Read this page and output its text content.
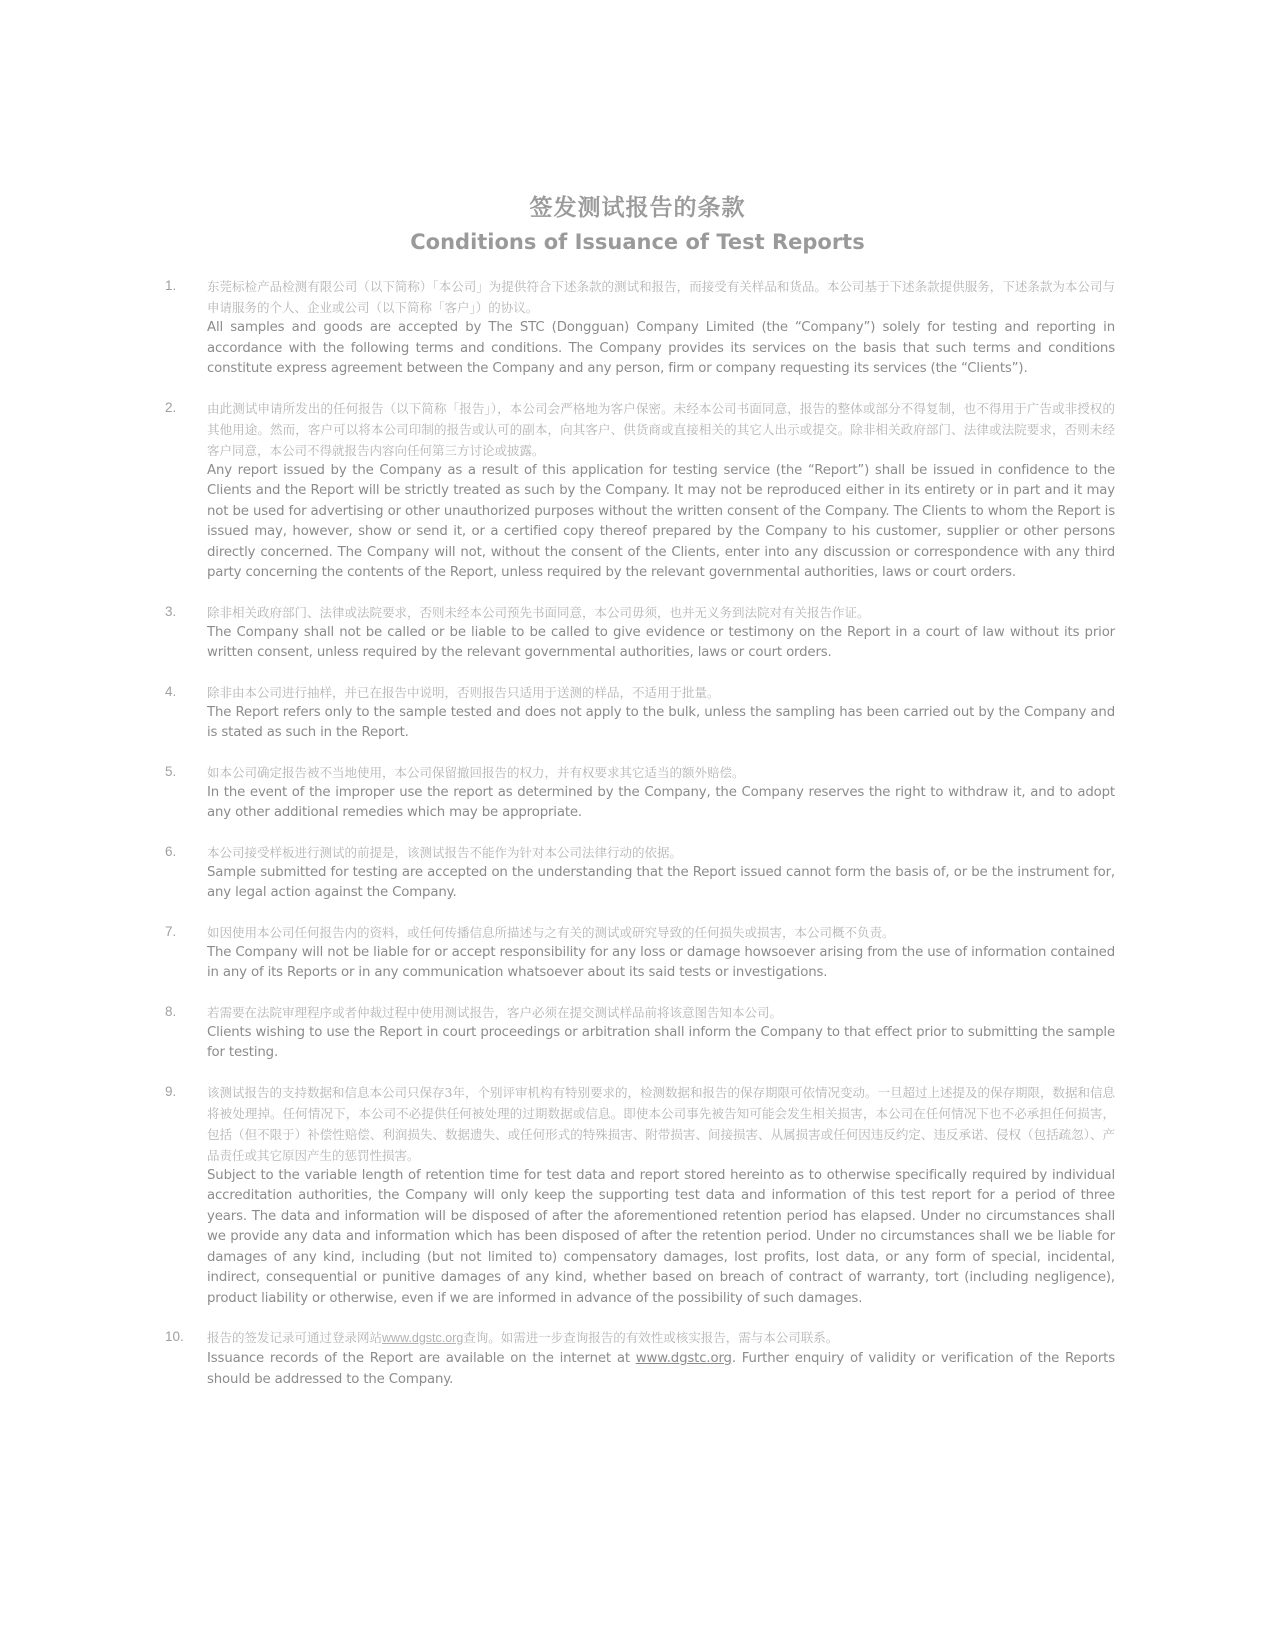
签发测试报告的条款
Conditions of Issuance of Test Reports
1. 东莞标检产品检测有限公司（以下简称）「本公司」为提供符合下述条款的测试和报告，而接受有关样品和货品。本公司基于下述条款提供服务，下述条款为本公司与申请服务的个人、企业或公司（以下简称「客户」）的协议。

All samples and goods are accepted by The STC (Dongguan) Company Limited (the “Company”) solely for testing and reporting in accordance with the following terms and conditions. The Company provides its services on the basis that such terms and conditions constitute express agreement between the Company and any person, firm or company requesting its services (the “Clients”).

2. 由此测试申请所发出的任何报告（以下简称「报告」），本公司会严格地为客户保密。未经本公司书面同意，报告的整体或部分不得复制，也不得用于广告或非授权的其他用途。然而，客户可以将本公司印制的报告或认可的副本，向其客户、供货商或直接相关的其它人出示或提交。除非相关政府部门、法律或法院要求，否则未经客户同意，本公司不得就报告内容向任何第三方讨论或披露。

Any report issued by the Company as a result of this application for testing service (the “Report”) shall be issued in confidence to the Clients and the Report will be strictly treated as such by the Company. It may not be reproduced either in its entirety or in part and it may not be used for advertising or other unauthorized purposes without the written consent of the Company. The Clients to whom the Report is issued may, however, show or send it, or a certified copy thereof prepared by the Company to his customer, supplier or other persons directly concerned. The Company will not, without the consent of the Clients, enter into any discussion or correspondence with any third party concerning the contents of the Report, unless required by the relevant governmental authorities, laws or court orders.

3. 除非相关政府部门、法律或法院要求，否则未经本公司预先书面同意，本公司毋须，也并无义务到法院对有关报告作证。

The Company shall not be called or be liable to be called to give evidence or testimony on the Report in a court of law without its prior written consent, unless required by the relevant governmental authorities, laws or court orders.

4. 除非由本公司进行抽样，并已在报告中说明，否则报告只适用于送测的样品，不适用于批量。

The Report refers only to the sample tested and does not apply to the bulk, unless the sampling has been carried out by the Company and is stated as such in the Report.

5. 如本公司确定报告被不当地使用，本公司保留撤回报告的权力，并有权要求其它适当的额外赔偿。

In the event of the improper use the report as determined by the Company, the Company reserves the right to withdraw it, and to adopt any other additional remedies which may be appropriate.

6. 本公司接受样板进行测试的前提是，该测试报告不能作为针对本公司法律行动的依据。

Sample submitted for testing are accepted on the understanding that the Report issued cannot form the basis of, or be the instrument for, any legal action against the Company.

7. 如因使用本公司任何报告内的资料，或任何传播信息所描述与之有关的测试或研究导致的任何损失或损害，本公司概不负责。

The Company will not be liable for or accept responsibility for any loss or damage howsoever arising from the use of information contained in any of its Reports or in any communication whatsoever about its said tests or investigations.

8. 若需要在法院审理程序或者仲裁过程中使用测试报告，客户必须在提交测试样品前将该意图告知本公司。

Clients wishing to use the Report in court proceedings or arbitration shall inform the Company to that effect prior to submitting the sample for testing.

9. 该测试报告的支持数据和信息本公司只保存3年，个别评审机构有特别要求的，检测数据和报告的保存期限可依情况变动。一旦超过上述提及的保存期限，数据和信息将被处理掉。任何情况下，本公司不必提供任何被处理的过期数据或信息。即使本公司事先被告知可能会发生相关损害，本公司在任何情况下也不必承担任何损害，包括（但不限于）补偿性赔偿、利润损失、数据遗失、或任何形式的特殊损害、附带损害、间接损害、从属损害或任何因违反约定、违反承诺、侵权（包括疏忽）、产品责任或其它原因产生的惩罚性损害。

Subject to the variable length of retention time for test data and report stored hereinto as to otherwise specifically required by individual accreditation authorities, the Company will only keep the supporting test data and information of this test report for a period of three years. The data and information will be disposed of after the aforementioned retention period has elapsed. Under no circumstances shall we provide any data and information which has been disposed of after the retention period. Under no circumstances shall we be liable for damages of any kind, including (but not limited to) compensatory damages, lost profits, lost data, or any form of special, incidental, indirect, consequential or punitive damages of any kind, whether based on breach of contract of warranty, tort (including negligence), product liability or otherwise, even if we are informed in advance of the possibility of such damages.

10. 报告的签发记录可通过登录网站www.dgstc.org查询。如需进一步查询报告的有效性或核实报告，需与本公司联系。

Issuance records of the Report are available on the internet at www.dgstc.org. Further enquiry of validity or verification of the Reports should be addressed to the Company.
